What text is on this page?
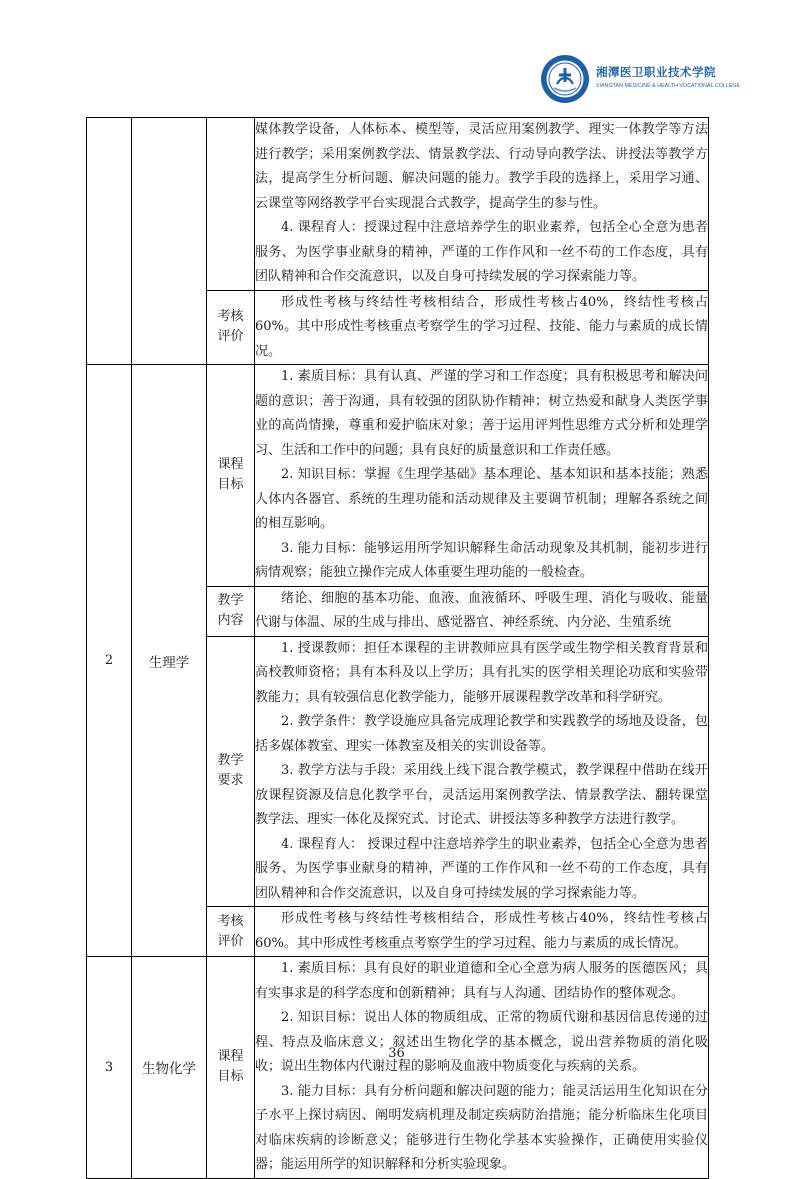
湘潭医卫职业技术学院
XIANGTAN MEDICINE & HEALTH VOCATIONAL COLLEGE

			媒体教学设备，人体标本、模型等，灵活应用案例教学、理实一体教学等方法进行教学；采用案例教学法、情景教学法、行动导向教学法、讲授法等教学方法，提高学生分析问题、解决问题的能力。教学手段的选择上，采用学习通、云课堂等网络教学平台实现混合式教学，提高学生的参与性。
4. 课程育人：授课过程中注意培养学生的职业素养，包括全心全意为患者服务、为医学事业献身的精神，严谨的工作作风和一丝不苟的工作态度，具有团队精神和合作交流意识，以及自身可持续发展的学习探索能力等。

		考核评价	形成性考核与终结性考核相结合，形成性考核占40%，终结性考核占60%。其中形成性考核重点考察学生的学习过程、技能、能力与素质的成长情况。

2	生理学	课程目标	1. 素质目标：具有认真、严谨的学习和工作态度；具有积极思考和解决问题的意识；善于沟通，具有较强的团队协作精神；树立热爱和献身人类医学事业的高尚情操，尊重和爱护临床对象；善于运用评判性思维方式分析和处理学习、生活和工作中的问题；具有良好的质量意识和工作责任感。
2. 知识目标：掌握《生理学基础》基本理论、基本知识和基本技能；熟悉人体内各器官、系统的生理功能和活动规律及主要调节机制；理解各系统之间的相互影响。
3. 能力目标：能够运用所学知识解释生命活动现象及其机制，能初步进行病情观察；能独立操作完成人体重要生理功能的一般检查。

		教学内容	绪论、细胞的基本功能、血液、血液循环、呼吸生理、消化与吸收、能量代谢与体温、尿的生成与排出、感觉器官、神经系统、内分泌、生殖系统

		教学要求	1. 授课教师：担任本课程的主讲教师应具有医学或生物学相关教育背景和高校教师资格；具有本科及以上学历；具有扎实的医学相关理论功底和实验带教能力；具有较强信息化教学能力，能够开展课程教学改革和科学研究。
2. 教学条件：教学设施应具备完成理论教学和实践教学的场地及设备，包括多媒体教室、理实一体教室及相关的实训设备等。
3. 教学方法与手段：采用线上线下混合教学模式，教学课程中借助在线开放课程资源及信息化教学平台，灵活运用案例教学法、情景教学法、翻转课堂教学法、理实一体化及探究式、讨论式、讲授法等多种教学方法进行教学。
4. 课程育人： 授课过程中注意培养学生的职业素养，包括全心全意为患者服务、为医学事业献身的精神，严谨的工作作风和一丝不苟的工作态度，具有团队精神和合作交流意识，以及自身可持续发展的学习探索能力等。

		考核评价	形成性考核与终结性考核相结合，形成性考核占40%，终结性考核占60%。其中形成性考核重点考察学生的学习过程、能力与素质的成长情况。

3	生物化学	课程目标	1. 素质目标：具有良好的职业道德和全心全意为病人服务的医德医风；具有实事求是的科学态度和创新精神；具有与人沟通、团结协作的整体观念。
2. 知识目标：说出人体的物质组成、正常的物质代谢和基因信息传递的过程、特点及临床意义；叙述出生物化学的基本概念，说出营养物质的消化吸收；说出生物体内代谢过程的影响及血液中物质变化与疾病的关系。
3. 能力目标：具有分析问题和解决问题的能力；能灵活运用生化知识在分子水平上探讨病因、阐明发病机理及制定疾病防治措施；能分析临床生化项目对临床疾病的诊断意义；能够进行生物化学基本实验操作，正确使用实验仪器；能运用所学的知识解释和分析实验现象。
36
